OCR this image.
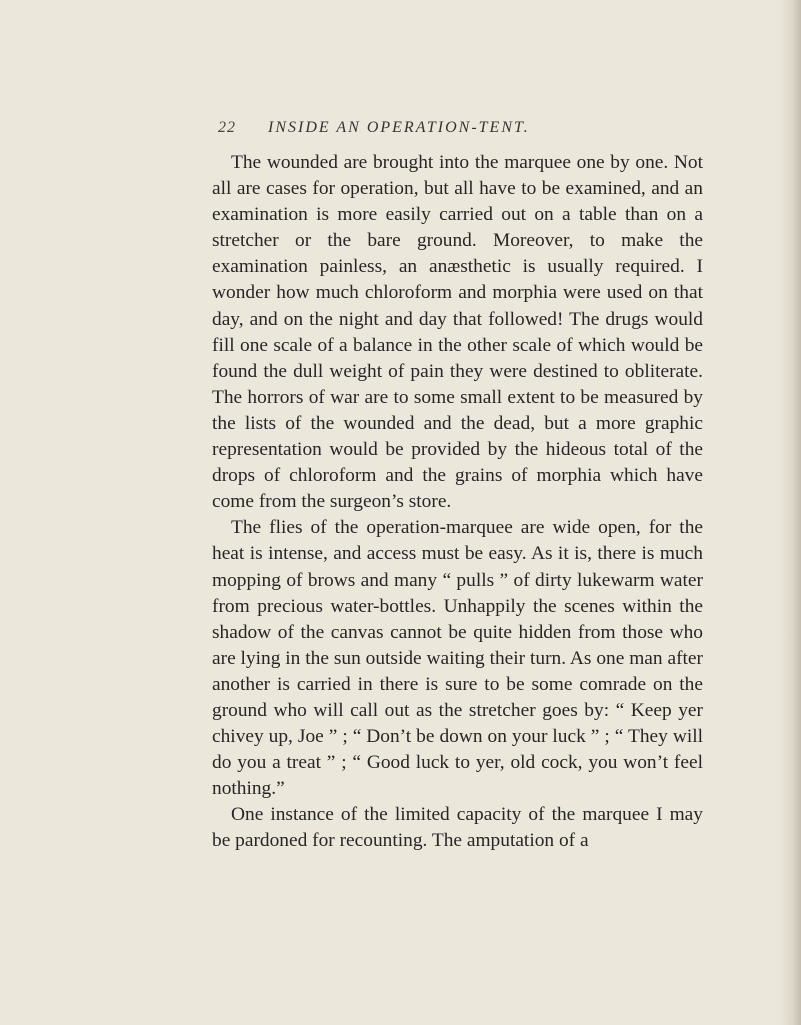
22 INSIDE AN OPERATION-TENT.

The wounded are brought into the marquee one by one. Not all are cases for operation, but all have to be examined, and an examination is more easily carried out on a table than on a stretcher or the bare ground. Moreover, to make the examination painless, an anæsthetic is usually required. I wonder how much chloroform and morphia were used on that day, and on the night and day that followed! The drugs would fill one scale of a balance in the other scale of which would be found the dull weight of pain they were destined to obliterate. The horrors of war are to some small extent to be measured by the lists of the wounded and the dead, but a more graphic representation would be provided by the hideous total of the drops of chloroform and the grains of morphia which have come from the surgeon’s store.

The flies of the operation-marquee are wide open, for the heat is intense, and access must be easy. As it is, there is much mopping of brows and many “ pulls ” of dirty lukewarm water from precious water-bottles. Unhappily the scenes within the shadow of the canvas cannot be quite hidden from those who are lying in the sun outside waiting their turn. As one man after another is carried in there is sure to be some comrade on the ground who will call out as the stretcher goes by: “ Keep yer chivey up, Joe ” ; “ Don’t be down on your luck ” ; “ They will do you a treat ” ; “ Good luck to yer, old cock, you won’t feel nothing.”

One instance of the limited capacity of the marquee I may be pardoned for recounting. The amputation of a
